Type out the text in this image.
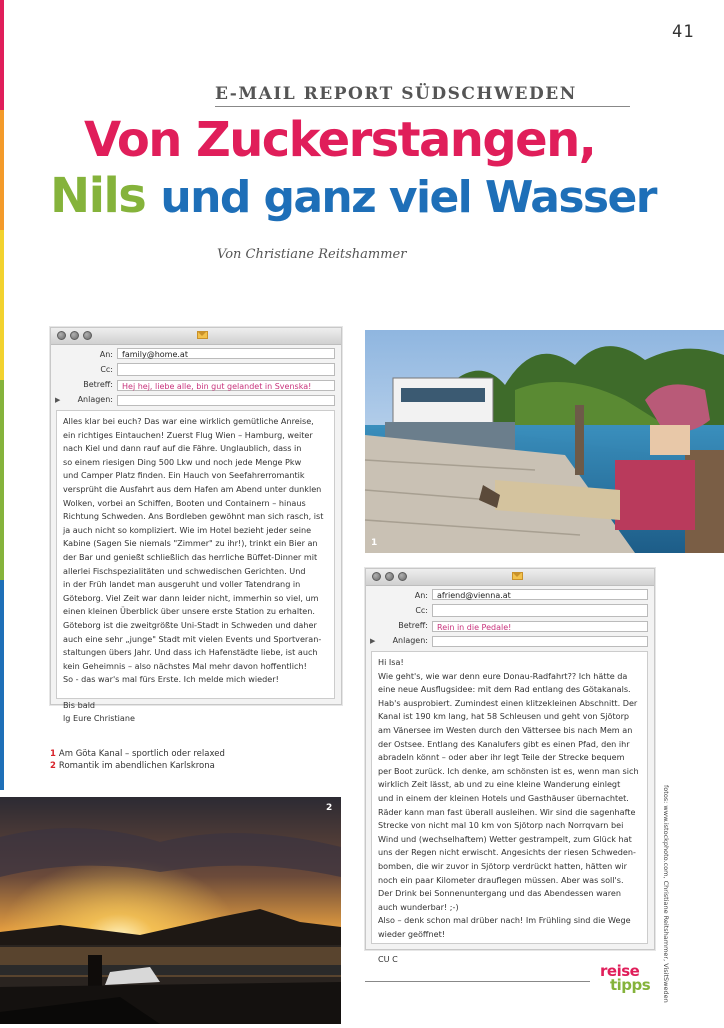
41
E-MAIL REPORT SÜDSCHWEDEN
Von Zuckerstangen,
Nils und ganz viel Wasser
Von Christiane Reitshammer
An:	family@home.at
Cc:
Betreff:	Hej hej, liebe alle, bin gut gelandet in Svenska!
▶	Anlagen:

Alles klar bei euch? Das war eine wirklich gemütliche Anreise,

ein richtiges Eintauchen! Zuerst Flug Wien – Hamburg, weiter

nach Kiel und dann rauf auf die Fähre. Unglaublich, dass in

so einem riesigen Ding 500 Lkw und noch jede Menge Pkw

und Camper Platz finden. Ein Hauch von Seefahrerromantik

versprüht die Ausfahrt aus dem Hafen am Abend unter dunklen

Wolken, vorbei an Schiffen, Booten und Containern – hinaus

Richtung Schweden. Ans Bordleben gewöhnt man sich rasch, ist

ja auch nicht so kompliziert. Wie im Hotel bezieht jeder seine

Kabine (Sagen Sie niemals "Zimmer" zu ihr!), trinkt ein Bier an

der Bar und genießt schließlich das herrliche Büffet-Dinner mit

allerlei Fischspezialitäten und schwedischen Gerichten. Und

in der Früh landet man ausgeruht und voller Tatendrang in

Göteborg. Viel Zeit war dann leider nicht, immerhin so viel, um

einen kleinen Überblick über unsere erste Station zu erhalten.

Göteborg ist die zweitgrößte Uni-Stadt in Schweden und daher

auch eine sehr „junge" Stadt mit vielen Events und Sportveran-

staltungen übers Jahr. Und dass ich Hafenstädte liebe, ist auch

kein Geheimnis – also nächstes Mal mehr davon hoffentlich!

So - das war's mal fürs Erste. Ich melde mich wieder!

Bis bald

lg Eure Christiane

1
An:	afriend@vienna.at
Cc:
Betreff:	Rein in die Pedale!
▶	Anlagen:

Hi Isa!

Wie geht's, wie war denn eure Donau-Radfahrt?? Ich hätte da

eine neue Ausflugsidee: mit dem Rad entlang des Götakanals.

Hab's ausprobiert. Zumindest einen klitzekleinen Abschnitt. Der

Kanal ist 190 km lang, hat 58 Schleusen und geht von Sjötorp

am Vänersee im Westen durch den Vättersee bis nach Mem an

der Ostsee. Entlang des Kanalufers gibt es einen Pfad, den ihr

abradeln könnt – oder aber ihr legt Teile der Strecke bequem

per Boot zurück. Ich denke, am schönsten ist es, wenn man sich

wirklich Zeit lässt, ab und zu eine kleine Wanderung einlegt

und in einem der kleinen Hotels und Gasthäuser übernachtet.

Räder kann man fast überall ausleihen. Wir sind die sagenhafte

Strecke von nicht mal 10 km von Sjötorp nach Norrqvarn bei

Wind und (wechselhaftem) Wetter gestrampelt, zum Glück hat

uns der Regen nicht erwischt. Angesichts der riesen Schweden-

bomben, die wir zuvor in Sjötorp verdrückt hatten, hätten wir

noch ein paar Kilometer drauflegen müssen. Aber was soll's.

Der Drink bei Sonnenuntergang und das Abendessen waren

auch wunderbar! ;-)

Also – denk schon mal drüber nach! Im Frühling sind die Wege

wieder geöffnet!

CU C

1 Am Göta Kanal – sportlich oder relaxed
2 Romantik im abendlichen Karlskrona
2	fotos: www.istockphoto.com, Christiane Reitshammer, VisitSweden
reise
tipps
